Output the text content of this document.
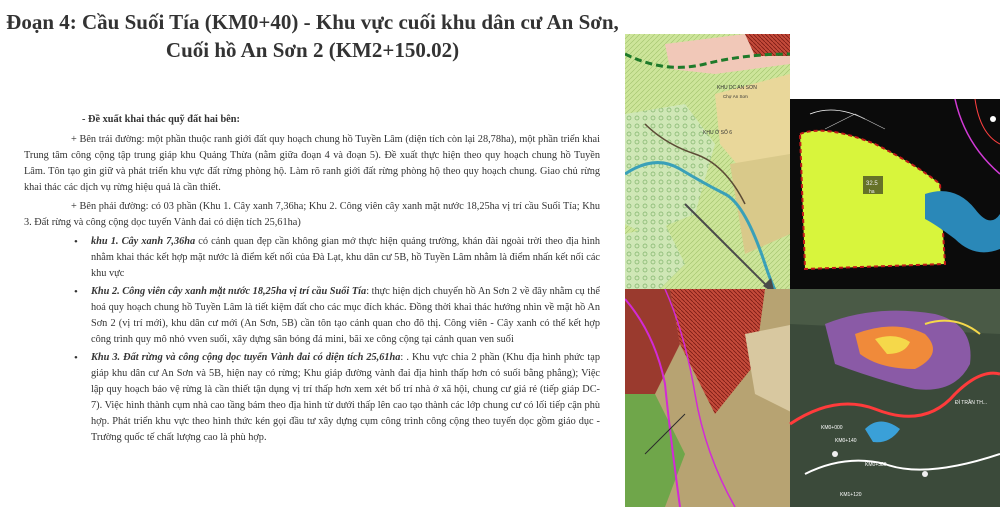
Đoạn 4: Cầu Suối Tía (KM0+40) - Khu vực cuối khu dân cư An Sơn,
Cuối hồ An Sơn 2 (KM2+150.02)

- Đề xuất khai thác quỹ đất hai bên:

+ Bên trái đường: một phần thuộc ranh giới đất quy hoạch chung hồ Tuyền Lâm (diện tích còn lại 28,78ha), một phần triển khai Trung tâm công cộng tập trung giáp khu Quảng Thừa (nằm giữa đoạn 4 và đoạn 5). Đề xuất thực hiện theo quy hoạch chung hồ Tuyền Lâm. Tôn tạo gìn giữ và phát triển khu vực đất rừng phòng hộ. Làm rõ ranh giới đất rừng phòng hộ theo quy hoạch chung. Giao chủ rừng khai thác các dịch vụ rừng hiệu quả là cần thiết.

+ Bên phải đường: có 03 phần (Khu 1. Cây xanh 7,36ha; Khu 2. Công viên cây xanh mặt nước 18,25ha vị trí cầu Suối Tía; Khu 3. Đất rừng và công cộng dọc tuyến Vành đai có diện tích 25,61ha)

• khu 1. Cây xanh 7,36ha có cảnh quan đẹp cần không gian mở thực hiện quảng trường, khán đài ngoài trời theo địa hình nhằm khai thác kết hợp mặt nước là điểm kết nối của Đà Lạt, khu dân cư 5B, hồ Tuyền Lâm nhằm là điểm nhấn kết nối các khu vực
• Khu 2. Công viên cây xanh mặt nước 18,25ha vị trí cầu Suối Tía: thực hiện dịch chuyển hồ An Sơn 2 về đây nhằm cụ thể hoá quy hoạch chung hồ Tuyền Lâm là tiết kiệm đất cho các mục đích khác. Đồng thời khai thác hướng nhìn về mặt hồ An Sơn 2 (vị trí mới), khu dân cư mới (An Sơn, 5B) cần tôn tạo cảnh quan cho đô thị. Công viên - Cây xanh có thể kết hợp công trình quy mô nhỏ vven suối, xây dựng sân bóng đá mini, bãi xe công cộng tại cảnh quan ven suối
• Khu 3. Đất rừng và công cộng dọc tuyến Vành đai có diện tích 25,61ha: . Khu vực chia 2 phần (Khu địa hình phức tạp giáp khu dân cư An Sơn và 5B, hiện nay có rừng; Khu giáp đường vành đai địa hình thấp hơn có suối bằng phẳng); Việc lập quy hoạch bảo vệ rừng là cần thiết tận dụng vị trí thấp hơn xem xét bố trí nhà ở xã hội, chung cư giá rẻ (tiếp giáp DC-7). Việc hình thành cụm nhà cao tầng bám theo địa hình từ dưới thấp lên cao tạo thành các lớp chung cư có lối tiếp cận phù hợp. Phát triển khu vực theo hình thức kén gọi đầu tư xây dựng cụm công trình công cộng theo tuyến dọc gồm giáo dục - Trường quốc tế chất lượng cao là phù hợp.
KHU DC AN SƠN
Chợ An Sơn
KHU Ở SỐ 6
32.5
ha
KM0+000
KM0+140
KM0+380
KM1+120
ĐÌ TRẦN TH...
